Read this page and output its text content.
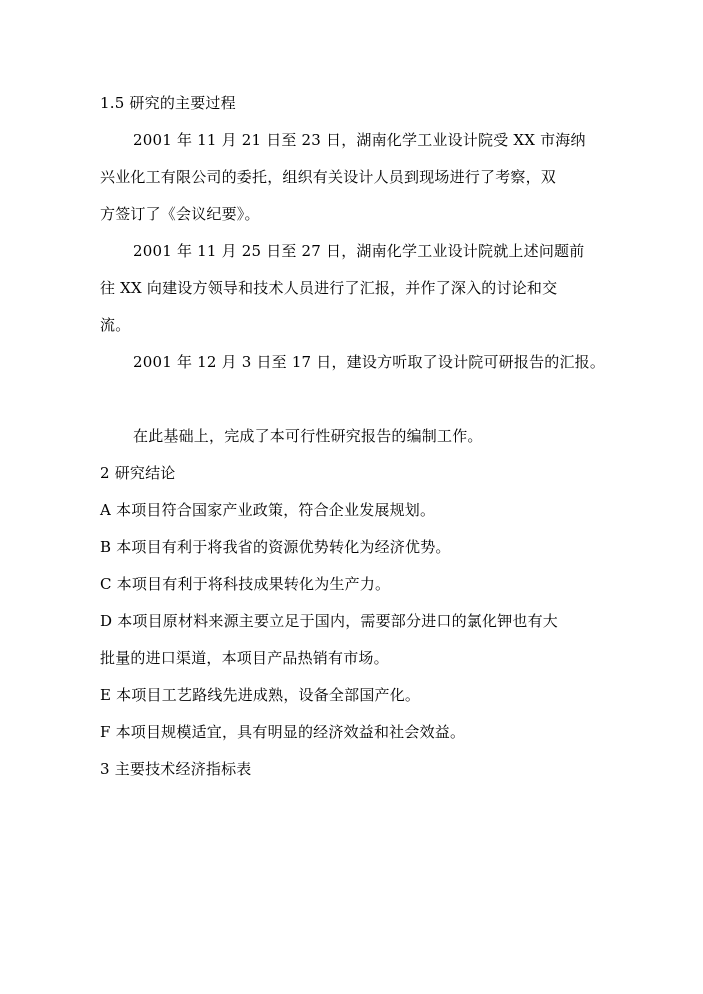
1.5 研究的主要过程
2001 年 11 月 21 日至 23 日，湖南化学工业设计院受 XX 市海纳
兴业化工有限公司的委托，组织有关设计人员到现场进行了考察，双
方签订了《会议纪要》。
2001 年 11 月 25 日至 27 日，湖南化学工业设计院就上述问题前
往 XX 向建设方领导和技术人员进行了汇报，并作了深入的讨论和交
流。
2001 年 12 月 3 日至 17 日，建设方听取了设计院可研报告的汇报。
在此基础上，完成了本可行性研究报告的编制工作。
2 研究结论
A 本项目符合国家产业政策，符合企业发展规划。
B 本项目有利于将我省的资源优势转化为经济优势。
C 本项目有利于将科技成果转化为生产力。
D 本项目原材料来源主要立足于国内，需要部分进口的氯化钾也有大
批量的进口渠道，本项目产品热销有市场。
E 本项目工艺路线先进成熟，设备全部国产化。
F 本项目规模适宜，具有明显的经济效益和社会效益。
3 主要技术经济指标表
